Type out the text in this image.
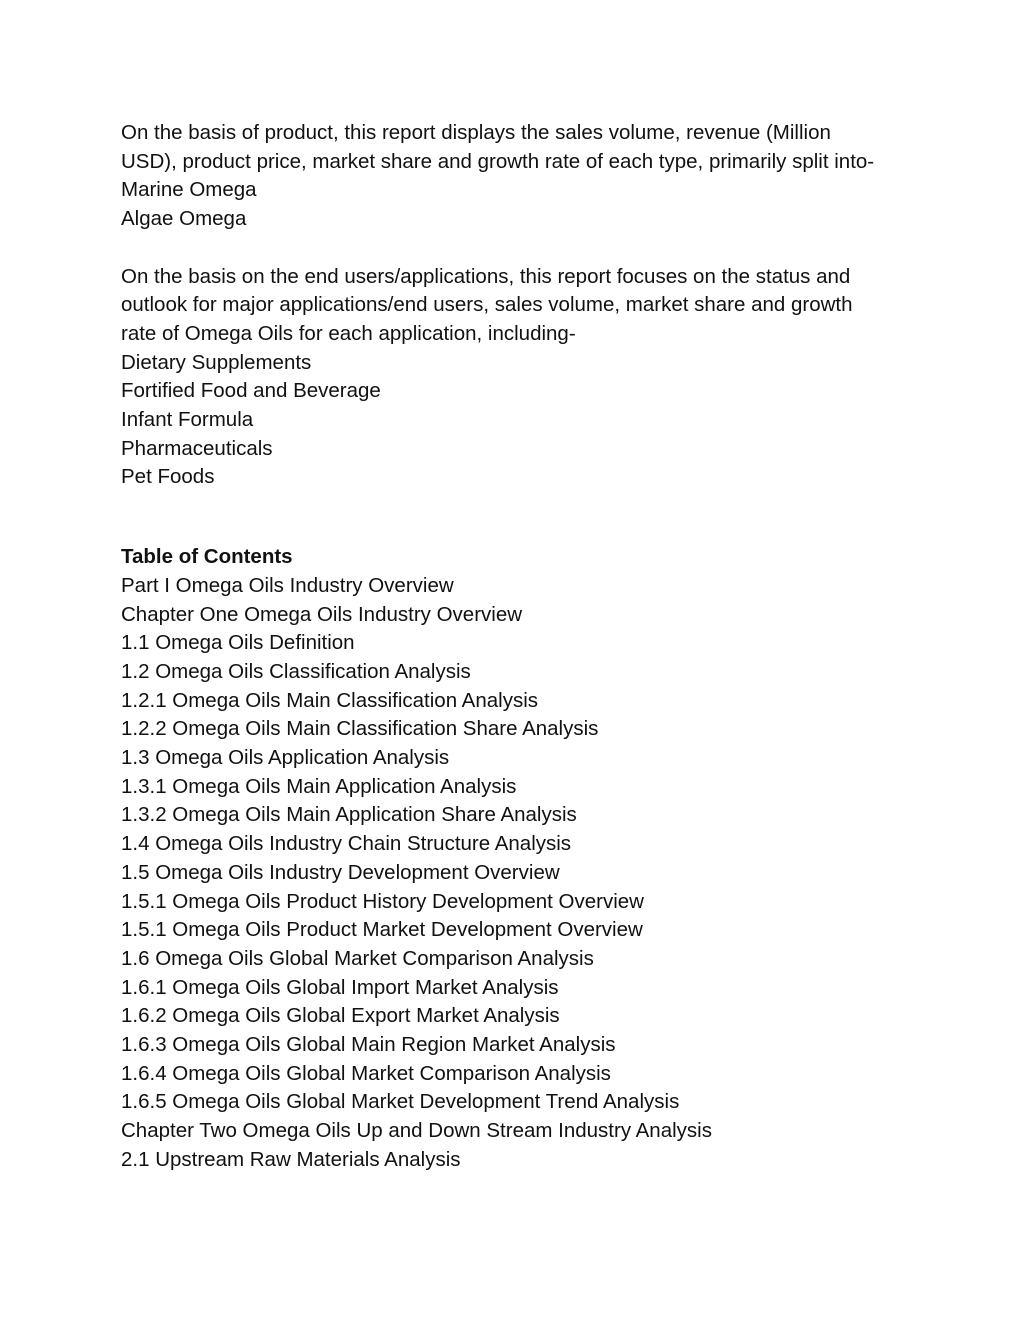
On the basis of product, this report displays the sales volume, revenue (Million USD), product price, market share and growth rate of each type, primarily split into-

Marine Omega
Algae Omega

On the basis on the end users/applications, this report focuses on the status and outlook for major applications/end users, sales volume, market share and growth rate of Omega Oils for each application, including-

Dietary Supplements
Fortified Food and Beverage
Infant Formula
Pharmaceuticals
Pet Foods
Table of Contents
Part I Omega Oils Industry Overview
Chapter One Omega Oils Industry Overview
1.1 Omega Oils Definition
1.2 Omega Oils Classification Analysis
1.2.1 Omega Oils Main Classification Analysis
1.2.2 Omega Oils Main Classification Share Analysis
1.3 Omega Oils Application Analysis
1.3.1 Omega Oils Main Application Analysis
1.3.2 Omega Oils Main Application Share Analysis
1.4 Omega Oils Industry Chain Structure Analysis
1.5 Omega Oils Industry Development Overview
1.5.1 Omega Oils Product History Development Overview
1.5.1 Omega Oils Product Market Development Overview
1.6 Omega Oils Global Market Comparison Analysis
1.6.1 Omega Oils Global Import Market Analysis
1.6.2 Omega Oils Global Export Market Analysis
1.6.3 Omega Oils Global Main Region Market Analysis
1.6.4 Omega Oils Global Market Comparison Analysis
1.6.5 Omega Oils Global Market Development Trend Analysis
Chapter Two Omega Oils Up and Down Stream Industry Analysis
2.1 Upstream Raw Materials Analysis
